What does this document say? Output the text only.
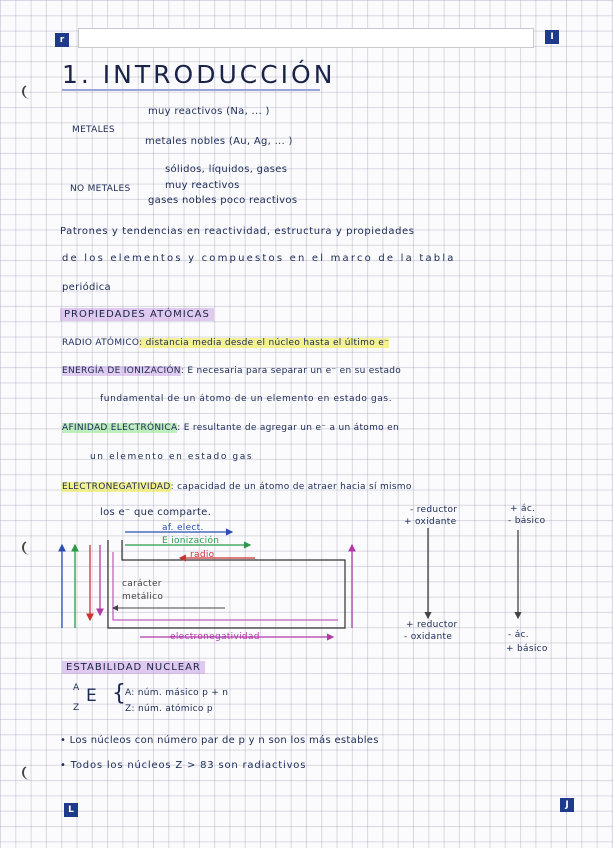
r	I
1. INTRODUCCIÓN
METALES
muy reactivos (Na, ... )
metales nobles (Au, Ag, ... )
NO METALES
sólidos, líquidos, gases
muy reactivos
gases nobles poco reactivos
Patrones y tendencias en reactividad, estructura y propiedades
de los elementos y compuestos en el marco de la tabla
periódica
PROPIEDADES ATÓMICAS
RADIO ATÓMICO: distancia media desde el núcleo hasta el último e⁻
ENERGÍA DE IONIZACIÓN: E necesaria para separar un e⁻ en su estado
fundamental de un átomo de un elemento en estado gas.
AFINIDAD ELECTRÓNICA: E resultante de agregar un e⁻ a un átomo en
un elemento en estado gas
ELECTRONEGATIVIDAD: capacidad de un átomo de atraer hacia sí mismo
los e⁻ que comparte.
af. elect.
E ionización
radio
carácter metálico
electronegatividad
- reductor
+ oxidante
+ reductor
- oxidante
+ ác.
- básico
- ác.
+ básico
ESTABILIDAD NUCLEAR
A
Z
E {
A: núm. másico p + n
Z: núm. atómico p
• Los núcleos con número par de p y n son los más estables
• Todos los núcleos Z > 83 son radiactivos
L	J
